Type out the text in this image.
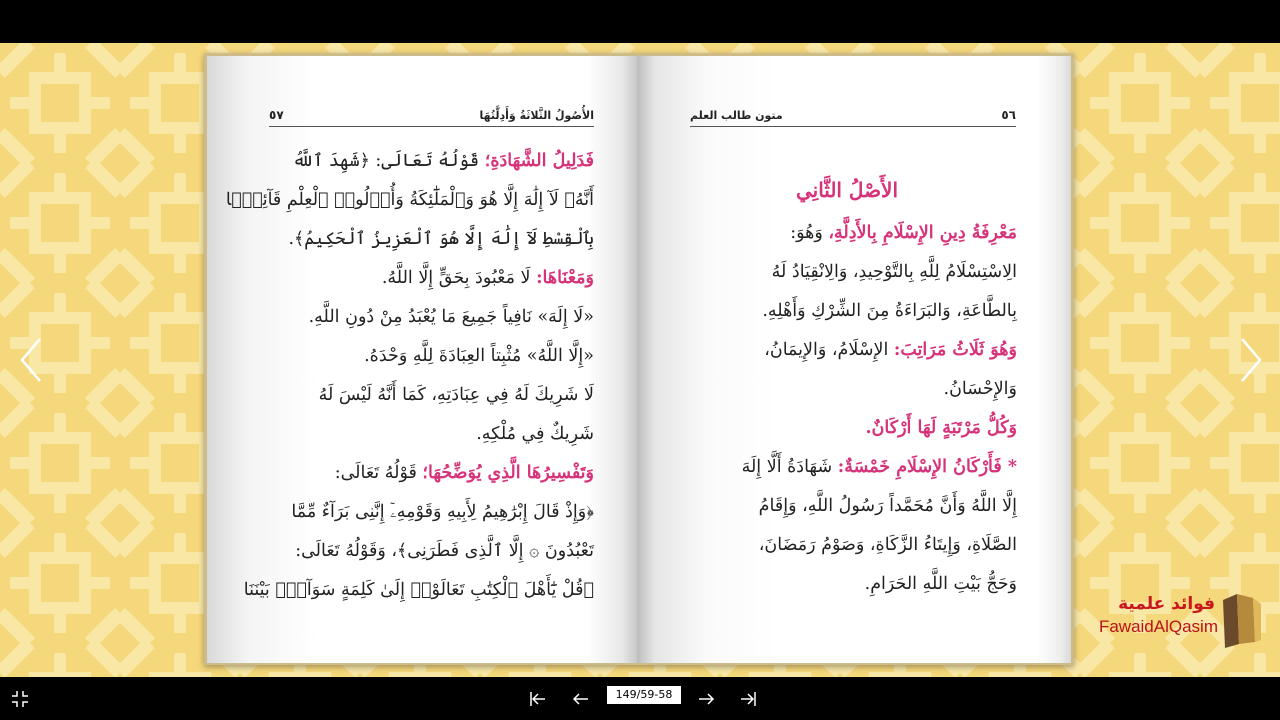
٥٧	الأُصُولُ الثَّلاثَةُ وَأَدِلَّتُهَا
فَدَلِيلُ الشَّهَادَةِ؛ قَوْلُهُ تَعَالَى: ﴿شَهِدَ ٱللَّهُ
أَنَّهُۥ لَآ إِلَٰهَ إِلَّا هُوَ وَٱلْمَلَٰٓئِكَةُ وَأُو۟لُوا۟ ٱلْعِلْمِ قَآئِمًۢا
بِٱلْقِسْطِ لَآ إِلَٰهَ إِلَّا هُوَ ٱلْعَزِيزُ ٱلْحَكِيمُ﴾.
وَمَعْنَاهَا: لَا مَعْبُودَ بِحَقٍّ إِلَّا اللَّهُ.
«لَا إِلَهَ» نَافِياً جَمِيعَ مَا يُعْبَدُ مِنْ دُونِ اللَّهِ.
«إِلَّا اللَّهُ» مُثْبِتاً العِبَادَةَ لِلَّهِ وَحْدَهُ.
لَا شَرِيكَ لَهُ فِي عِبَادَتِهِ، كَمَا أَنَّهُ لَيْسَ لَهُ
شَرِيكٌ فِي مُلْكِهِ.
وَتَفْسِيرُهَا الَّذِي يُوَضِّحُهَا؛ قَوْلُهُ تَعَالَى:
﴿وَإِذْ قَالَ إِبْرَٰهِيمُ لِأَبِيهِ وَقَوْمِهِۦٓ إِنَّنِى بَرَآءٌ مِّمَّا
تَعْبُدُونَ ۞ إِلَّا ٱلَّذِى فَطَرَنِى﴾، وَقَوْلُهُ تَعَالَى:
﴿قُلْ يَٰٓأَهْلَ ٱلْكِتَٰبِ تَعَالَوْا۟ إِلَىٰ كَلِمَةٍ سَوَآءٍۭ بَيْنَنَا
٥٦
متون طالب العلم
الأَصْلُ الثَّانِي
مَعْرِفَةُ دِينِ الإِسْلَامِ بِالأَدِلَّةِ، وَهُوَ:
الِاسْتِسْلَامُ لِلَّهِ بِالتَّوْحِيدِ، وَالِانْقِيَادُ لَهُ
بِالطَّاعَةِ، وَالبَرَاءَةُ مِنَ الشِّرْكِ وَأَهْلِهِ.
وَهُوَ ثَلَاثُ مَرَاتِبَ: الإِسْلَامُ، وَالإِيمَانُ،
وَالإِحْسَانُ.
وَكُلُّ مَرْتَبَةٍ لَهَا أَرْكَانٌ.
* فَأَرْكَانُ الإِسْلَامِ خَمْسَةٌ: شَهَادَةُ أَلَّا إِلَهَ
إِلَّا اللَّهُ وَأَنَّ مُحَمَّداً رَسُولُ اللَّهِ، وَإِقَامُ
الصَّلَاةِ، وَإِيتَاءُ الزَّكَاةِ، وَصَوْمُ رَمَضَانَ،
وَحَجُّ بَيْتِ اللَّهِ الحَرَامِ.
فوائد علمية
FawaidAlQasim
149/59-58
